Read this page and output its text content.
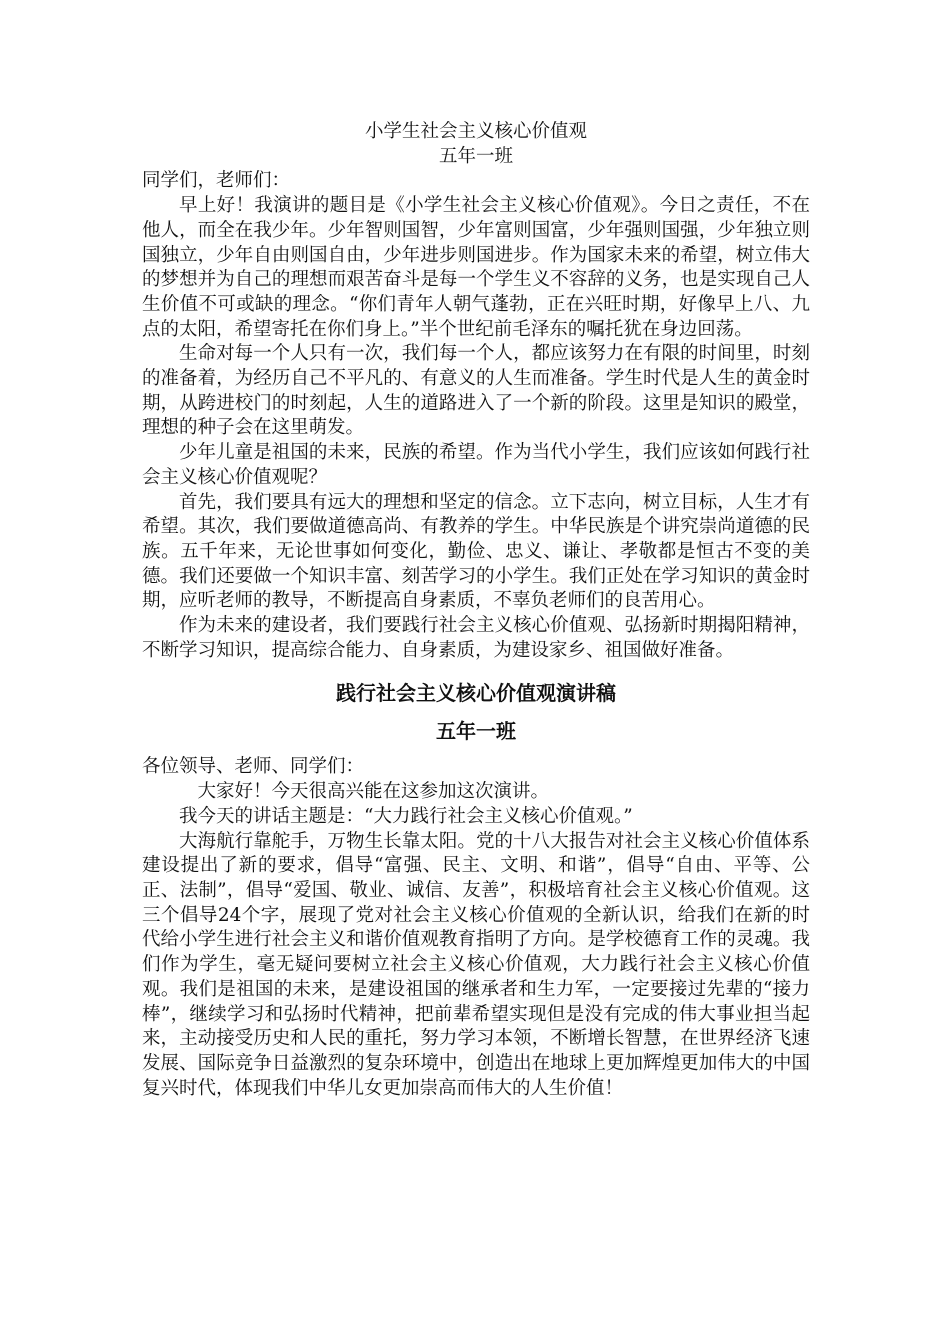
小学生社会主义核心价值观

五年一班

同学们，老师们：

早上好！我演讲的题目是《小学生社会主义核心价值观》。今日之责任，不在他人，而全在我少年。少年智则国智，少年富则国富，少年强则国强，少年独立则国独立，少年自由则国自由，少年进步则国进步。作为国家未来的希望，树立伟大的梦想并为自己的理想而艰苦奋斗是每一个学生义不容辞的义务，也是实现自己人生价值不可或缺的理念。“你们青年人朝气蓬勃，正在兴旺时期，好像早上八、九点的太阳，希望寄托在你们身上。”半个世纪前毛泽东的嘱托犹在身边回荡。

生命对每一个人只有一次，我们每一个人，都应该努力在有限的时间里，时刻的准备着，为经历自己不平凡的、有意义的人生而准备。学生时代是人生的黄金时期，从跨进校门的时刻起，人生的道路进入了一个新的阶段。这里是知识的殿堂，理想的种子会在这里萌发。

少年儿童是祖国的未来，民族的希望。作为当代小学生，我们应该如何践行社会主义核心价值观呢？

首先，我们要具有远大的理想和坚定的信念。立下志向，树立目标，人生才有希望。其次，我们要做道德高尚、有教养的学生。中华民族是个讲究崇尚道德的民族。五千年来，无论世事如何变化，勤俭、忠义、谦让、孝敬都是恒古不变的美德。我们还要做一个知识丰富、刻苦学习的小学生。我们正处在学习知识的黄金时期，应听老师的教导，不断提高自身素质，不辜负老师们的良苦用心。

作为未来的建设者，我们要践行社会主义核心价值观、弘扬新时期揭阳精神，不断学习知识，提高综合能力、自身素质，为建设家乡、祖国做好准备。

践行社会主义核心价值观演讲稿

五年一班

各位领导、老师、同学们：

大家好！今天很高兴能在这参加这次演讲。

我今天的讲话主题是：“大力践行社会主义核心价值观。”

大海航行靠舵手，万物生长靠太阳。党的十八大报告对社会主义核心价值体系建设提出了新的要求，倡导“富强、民主、文明、和谐”，倡导“自由、平等、公正、法制”，倡导“爱国、敬业、诚信、友善”，积极培育社会主义核心价值观。这三个倡导24个字，展现了党对社会主义核心价值观的全新认识，给我们在新的时代给小学生进行社会主义和谐价值观教育指明了方向。是学校德育工作的灵魂。我们作为学生，毫无疑问要树立社会主义核心价值观，大力践行社会主义核心价值观。我们是祖国的未来，是建设祖国的继承者和生力军，一定要接过先辈的“接力棒”，继续学习和弘扬时代精神，把前辈希望实现但是没有完成的伟大事业担当起来，主动接受历史和人民的重托，努力学习本领，不断增长智慧，在世界经济飞速发展、国际竞争日益激烈的复杂环境中，创造出在地球上更加辉煌更加伟大的中国复兴时代，体现我们中华儿女更加崇高而伟大的人生价值！
